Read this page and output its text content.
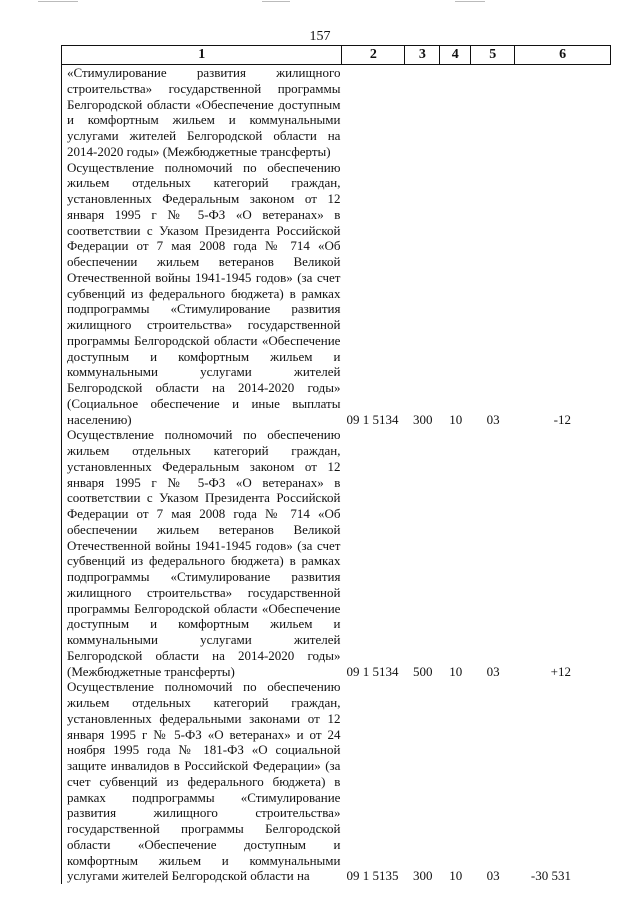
157
1	2	3	4	5	6
«Стимулирование развития жилищного строительства» государственной программы Белгородской области «Обеспечение доступным и комфортным жильем и коммунальными услугами жителей Белгородской области на 2014-2020 годы» (Межбюджетные трансферты)
Осуществление полномочий по обеспечению жильем отдельных категорий граждан, установленных Федеральным законом от 12 января 1995 г № 5-ФЗ «О ветеранах» в соответствии с Указом Президента Российской Федерации от 7 мая 2008 года № 714 «Об обеспечении жильем ветеранов Великой Отечественной войны 1941-1945 годов» (за счет субвенций из федерального бюджета) в рамках подпрограммы «Стимулирование развития жилищного строительства» государственной программы Белгородской области «Обеспечение доступным и комфортным жильем и коммунальными услугами жителей Белгородской области на 2014-2020 годы» (Социальное обеспечение и иные выплаты населению)	09 1 5134	300	10	03	-12
Осуществление полномочий по обеспечению жильем отдельных категорий граждан, установленных Федеральным законом от 12 января 1995 г № 5-ФЗ «О ветеранах» в соответствии с Указом Президента Российской Федерации от 7 мая 2008 года № 714 «Об обеспечении жильем ветеранов Великой Отечественной войны 1941-1945 годов» (за счет субвенций из федерального бюджета) в рамках подпрограммы «Стимулирование развития жилищного строительства» государственной программы Белгородской области «Обеспечение доступным и комфортным жильем и коммунальными услугами жителей Белгородской области на 2014-2020 годы» (Межбюджетные трансферты)	09 1 5134	500	10	03	+12
Осуществление полномочий по обеспечению жильем отдельных категорий граждан, установленных федеральными законами от 12 января 1995 г № 5-ФЗ «О ветеранах» и от 24 ноября 1995 года № 181-ФЗ «О социальной защите инвалидов в Российской Федерации» (за счет субвенций из федерального бюджета) в рамках подпрограммы «Стимулирование развития жилищного строительства» государственной программы Белгородской области «Обеспечение доступным и комфортным жильем и коммунальными услугами жителей Белгородской области на	09 1 5135	300	10	03	-30 531
